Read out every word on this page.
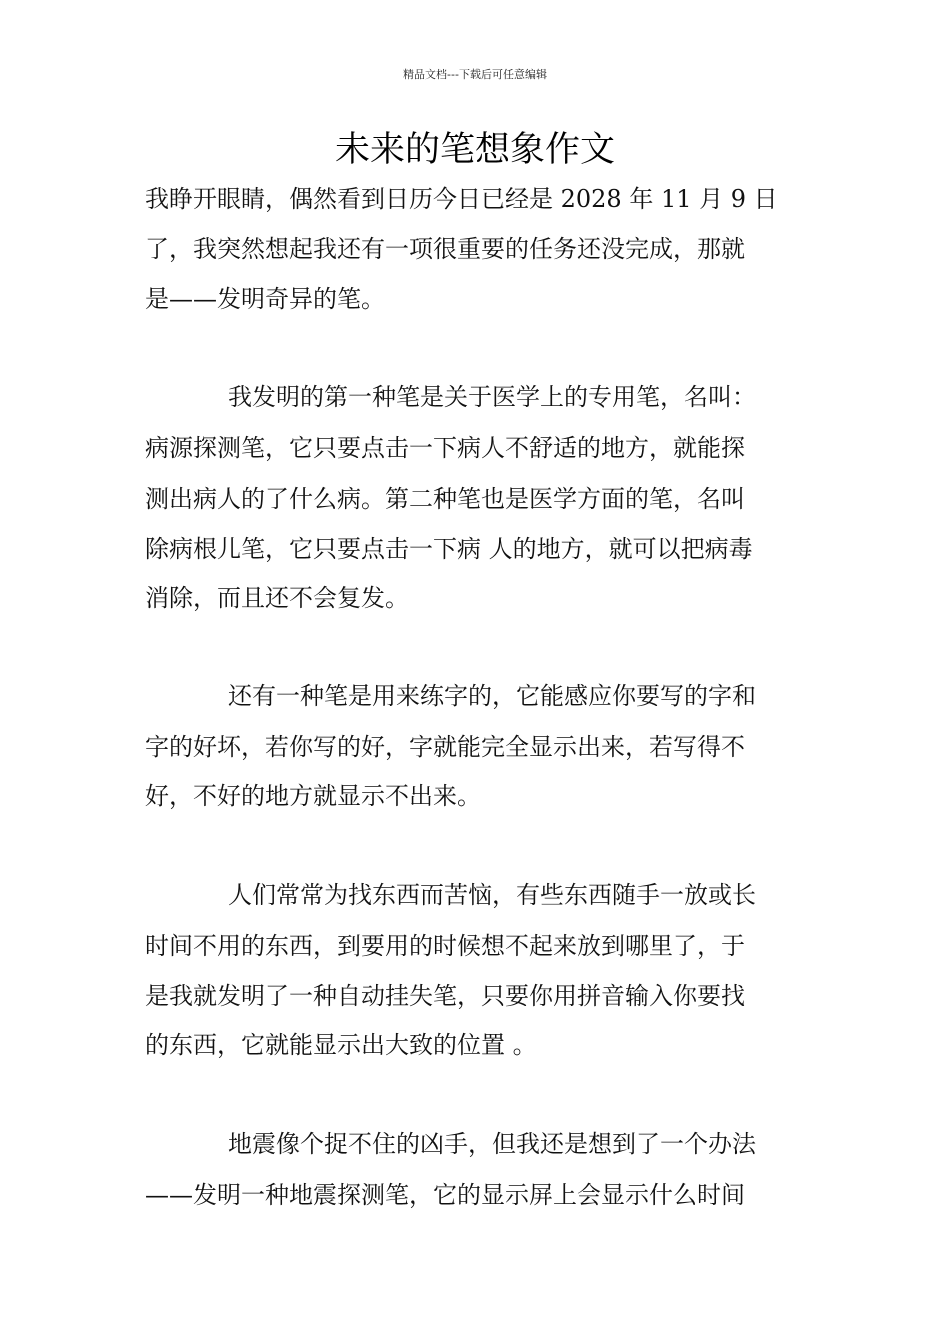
精品文档---下载后可任意编辑
未来的笔想象作文
我睁开眼睛，偶然看到日历今日已经是 2028 年 11 月 9 日
了，我突然想起我还有一项很重要的任务还没完成，那就
是——发明奇异的笔。
我发明的第一种笔是关于医学上的专用笔，名叫：
病源探测笔，它只要点击一下病人不舒适的地方，就能探
测出病人的了什么病。第二种笔也是医学方面的笔，名叫
除病根儿笔，它只要点击一下病 人的地方，就可以把病毒
消除，而且还不会复发。
还有一种笔是用来练字的，它能感应你要写的字和
字的好坏，若你写的好，字就能完全显示出来，若写得不
好，不好的地方就显示不出来。
人们常常为找东西而苦恼，有些东西随手一放或长
时间不用的东西，到要用的时候想不起来放到哪里了，于
是我就发明了一种自动挂失笔，只要你用拼音输入你要找
的东西，它就能显示出大致的位置 。
地震像个捉不住的凶手，但我还是想到了一个办法
——发明一种地震探测笔，它的显示屏上会显示什么时间
